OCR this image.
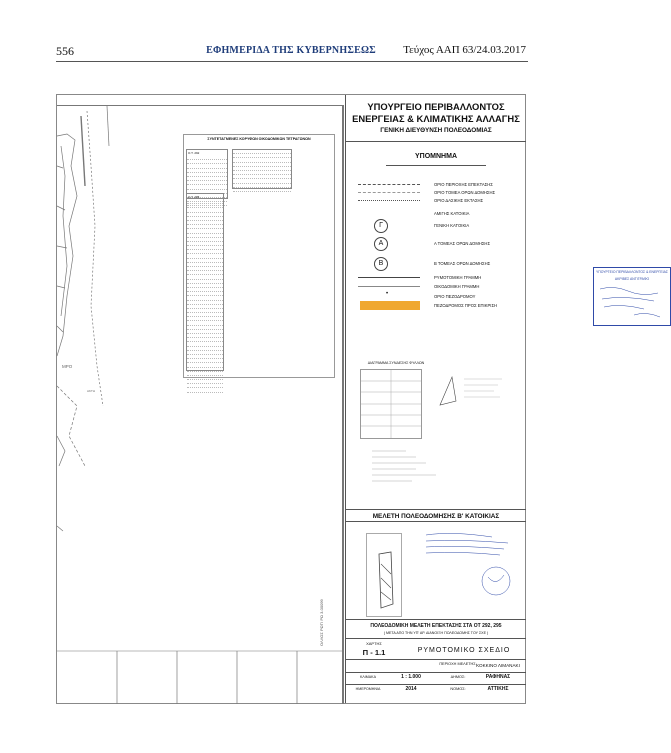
556	ΕΦΗΜΕΡΙΔΑ ΤΗΣ ΚΥΒΕΡΝΗΣΕΩΣ	Τεύχος ΑΑΠ 63/24.03.2017
ΜΡΟ
ΑΚΤΗ
ΣΥΝΤΕΤΑΓΜΕΝΕΣ ΚΟΡΥΦΩΝ ΟΙΚΟΔΟΜΙΚΩΝ ΤΕΤΡΑΓΩΝΩΝ
Ο.Τ. 292
Ο.Τ. 295
ΟΛΛΟΣ ΡΩΤΙ ΡΩ 3-00099
ΥΠΟΥΡΓΕΙΟ ΠΕΡΙΒΑΛΛΟΝΤΟΣ
ΕΝΕΡΓΕΙΑΣ & ΚΛΙΜΑΤΙΚΗΣ ΑΛΛΑΓΗΣ
ΓΕΝΙΚΗ ΔΙΕΥΘΥΝΣΗ ΠΟΛΕΟΔΟΜΙΑΣ
ΥΠΟΜΝΗΜΑ
ΟΡΙΟ ΠΕΡΙΟΧΗΣ ΕΠΕΚΤΑΣΗΣ
ΟΡΙΟ ΤΟΜΕΑ ΟΡΩΝ ΔΟΜΗΣΗΣ
ΟΡΙΟ ΔΑΣΙΚΗΣ ΕΚΤΑΣΗΣ
ΑΜΙΓΗΣ ΚΑΤΟΙΚΙΑ
Γ	ΓΕΝΙΚΗ ΚΑΤΟΙΚΙΑ
Α	Α ΤΟΜΕΑΣ ΟΡΩΝ ΔΟΜΗΣΗΣ
Β	Β ΤΟΜΕΑΣ ΟΡΩΝ ΔΟΜΗΣΗΣ
ΡΥΜΟΤΟΜΙΚΗ ΓΡΑΜΜΗ
ΟΙΚΟΔΟΜΙΚΗ ΓΡΑΜΜΗ
•	ΟΡΙΟ ΠΕΖΟΔΡΟΜΟΥ
ΠΕΖΟΔΡΟΜΟΣ ΠΡΟΣ ΕΠΙΚΡΙΣΗ
ΥΠΟΥΡΓΕΙΟ ΠΕΡΙΒΑΛΛΟΝΤΟΣ & ΕΝΕΡΓΕΙΑΣ
ΑΚΡΙΒΕΣ ΑΝΤΙΓΡΑΦΟ
ΔΙΑΓΡΑΜΜΑ ΣΥΝΔΕΣΗΣ ΦΥΛΛΩΝ
ΜΕΛΕΤΗ ΠΟΛΕΟΔΟΜΗΣΗΣ Β' ΚΑΤΟΙΚΙΑΣ
ΠΟΛΕΟΔΟΜΙΚΗ ΜΕΛΕΤΗ ΕΠΕΚΤΑΣΗΣ ΣΤΑ ΟΤ 292, 295
( ΜΕΤΑ ΑΠΟ ΤΗΝ ΥΠ' ΑΡ. ΔΙΑΝΟΙΞΗ ΠΟΛΕΟΔΟΜΗΣ ΤΟΥ ΣΧΕ )
ΧΑΡΤΗΣ
Π - 1.1	ΡΥΜΟΤΟΜΙΚΟ ΣΧΕΔΙΟ
ΠΕΡΙΟΧΗ ΜΕΛΕΤΗΣ: ΚΟΚΚΙΝΟ ΛΙΜΑΝΑΚΙ
ΚΛΙΜΑΚΑ	1 : 1.000	ΔΗΜΟΣ:	ΡΑΦΗΝΑΣ
ΗΜΕΡΟΜΗΝΙΑ	2014	ΝΟΜΟΣ:	ΑΤΤΙΚΗΣ
